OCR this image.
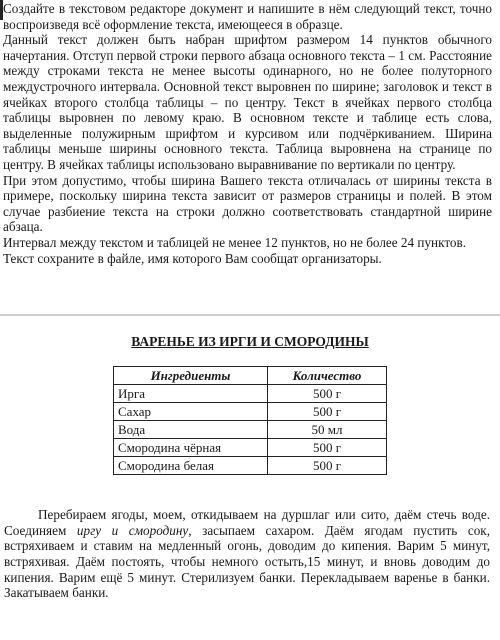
Создайте в текстовом редакторе документ и напишите в нём следующий текст, точно воспроизведя всё оформление текста, имеющееся в образце.

Данный текст должен быть набран шрифтом размером 14 пунктов обычного начертания. Отступ первой строки первого абзаца основного текста – 1 см. Расстояние между строками текста не менее высоты одинарного, но не более полуторного междустрочного интервала. Основной текст выровнен по ширине; заголовок и текст в ячейках второго столбца таблицы – по центру. Текст в ячейках первого столбца таблицы выровнен по левому краю. В основном тексте и таблице есть слова, выделенные полужирным шрифтом и курсивом или подчёркиванием. Ширина таблицы меньше ширины основного текста. Таблица выровнена на странице по центру. В ячейках таблицы использовано выравнивание по вертикали по центру.

При этом допустимо, чтобы ширина Вашего текста отличалась от ширины текста в примере, поскольку ширина текста зависит от размеров страницы и полей. В этом случае разбиение текста на строки должно соответствовать стандартной ширине абзаца.

Интервал между текстом и таблицей не менее 12 пунктов, но не более 24 пунктов.

Текст сохраните в файле, имя которого Вам сообщат организаторы.

ВАРЕНЬЕ ИЗ ИРГИ И СМОРОДИНЫ
Ингредиенты	Количество
Ирга	500 г
Сахар	500 г
Вода	50 мл
Смородина чёрная	500 г
Смородина белая	500 г

Перебираем ягоды, моем, откидываем на дуршлаг или сито, даём стечь воде. Соединяем иргу и смородину, засыпаем сахаром. Даём ягодам пустить сок, встряхиваем и ставим на медленный огонь, доводим до кипения. Варим 5 минут, встряхивая. Даём постоять, чтобы немного остыть,15 минут, и вновь доводим до кипения. Варим ещё 5 минут. Стерилизуем банки. Перекладываем варенье в банки. Закатываем банки.
